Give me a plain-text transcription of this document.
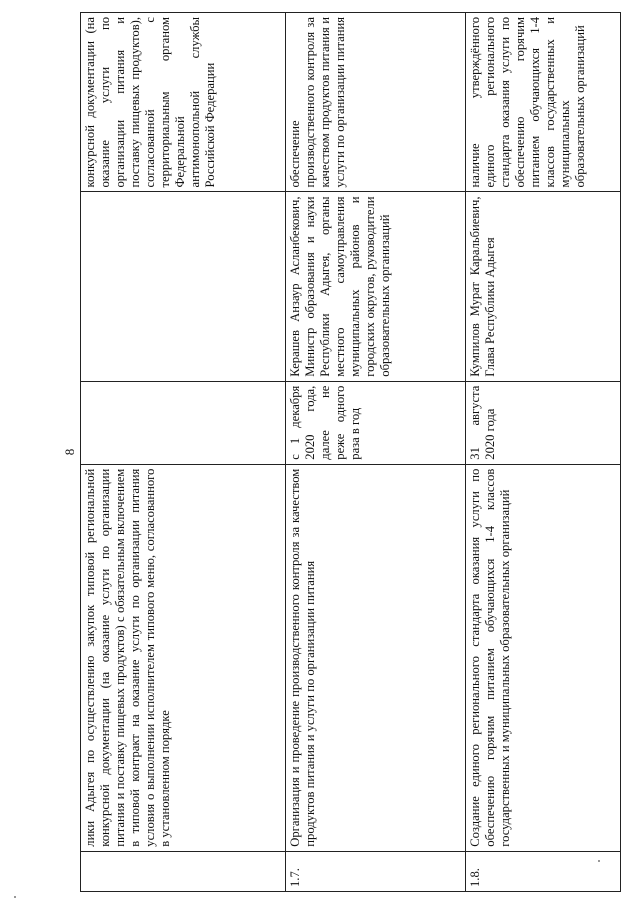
8
	лики Адыгея по осуществлению закупок типовой региональной конкурсной документации (на оказание услуги по организации питания и поставку пищевых продуктов) с обязательным включением в типовой контракт на оказание услуги по организации питания условия о выполнении исполнителем типового меню, согласованного в установленном порядке			конкурсной документации (на оказание услуги по организации питания и поставку пищевых продуктов), согласованной с территориальным органом Федеральной антимонопольной службы Российской Федерации
1.7.	Организация и проведение производственного контроля за качеством продуктов питания и услуги по организации питания	с 1 декабря 2020 года, далее не реже одного раза в год	Керашев Анзаур Асланбекович, Министр образования и науки Республики Адыгея, органы местного самоуправления муниципальных районов и городских округов, руководители образовательных организаций	обеспечение производственного контроля за качеством продуктов питания и услуги по организации питания
1.8.	Создание единого регионального стандарта оказания услуги по обеспечению горячим питанием обучающихся 1-4 классов государственных и муниципальных образовательных организаций	31 августа 2020 года	Кумпилов Мурат Каральбиевич, Глава Республики Адыгея	наличие утверждённого единого регионального стандарта оказания услуги по обеспечению горячим питанием обучающихся 1-4 классов государственных и муниципальных образовательных организаций
